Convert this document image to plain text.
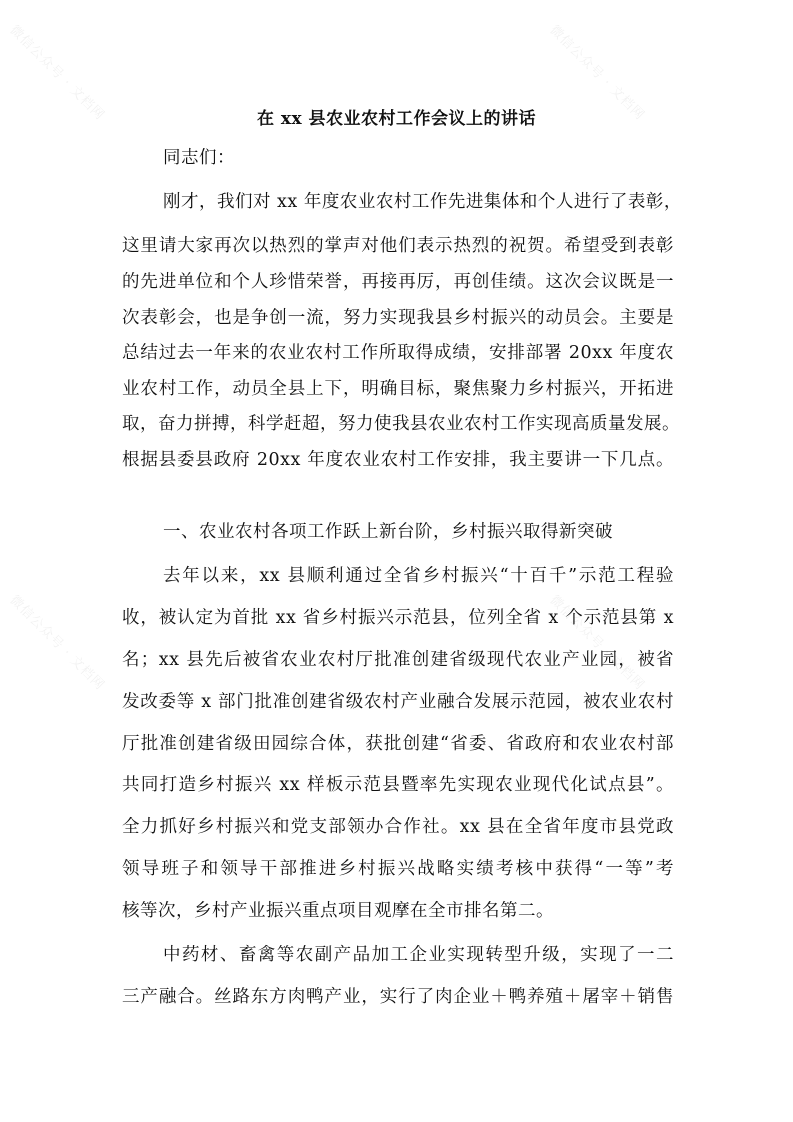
微信公众号 · 文档网	微信公众号 · 文档网
微信公众号 · 文档网	微信公众号 · 文档网
在 xx 县农业农村工作会议上的讲话
同志们：
刚才，我们对 xx 年度农业农村工作先进集体和个人进行了表彰，
这里请大家再次以热烈的掌声对他们表示热烈的祝贺。希望受到表彰
的先进单位和个人珍惜荣誉，再接再厉，再创佳绩。这次会议既是一
次表彰会，也是争创一流，努力实现我县乡村振兴的动员会。主要是
总结过去一年来的农业农村工作所取得成绩，安排部署 20xx 年度农
业农村工作，动员全县上下，明确目标，聚焦聚力乡村振兴，开拓进
取，奋力拼搏，科学赶超，努力使我县农业农村工作实现高质量发展。
根据县委县政府 20xx 年度农业农村工作安排，我主要讲一下几点。
一、农业农村各项工作跃上新台阶，乡村振兴取得新突破
去年以来，xx 县顺利通过全省乡村振兴“十百千”示范工程验
收，被认定为首批 xx 省乡村振兴示范县，位列全省 x 个示范县第 x
名；xx 县先后被省农业农村厅批准创建省级现代农业产业园，被省
发改委等 x 部门批准创建省级农村产业融合发展示范园，被农业农村
厅批准创建省级田园综合体，获批创建“省委、省政府和农业农村部
共同打造乡村振兴 xx 样板示范县暨率先实现农业现代化试点县”。
全力抓好乡村振兴和党支部领办合作社。xx 县在全省年度市县党政
领导班子和领导干部推进乡村振兴战略实绩考核中获得“一等”考
核等次，乡村产业振兴重点项目观摩在全市排名第二。
中药材、畜禽等农副产品加工企业实现转型升级，实现了一二
三产融合。丝路东方肉鸭产业，实行了肉企业＋鸭养殖＋屠宰＋销售
